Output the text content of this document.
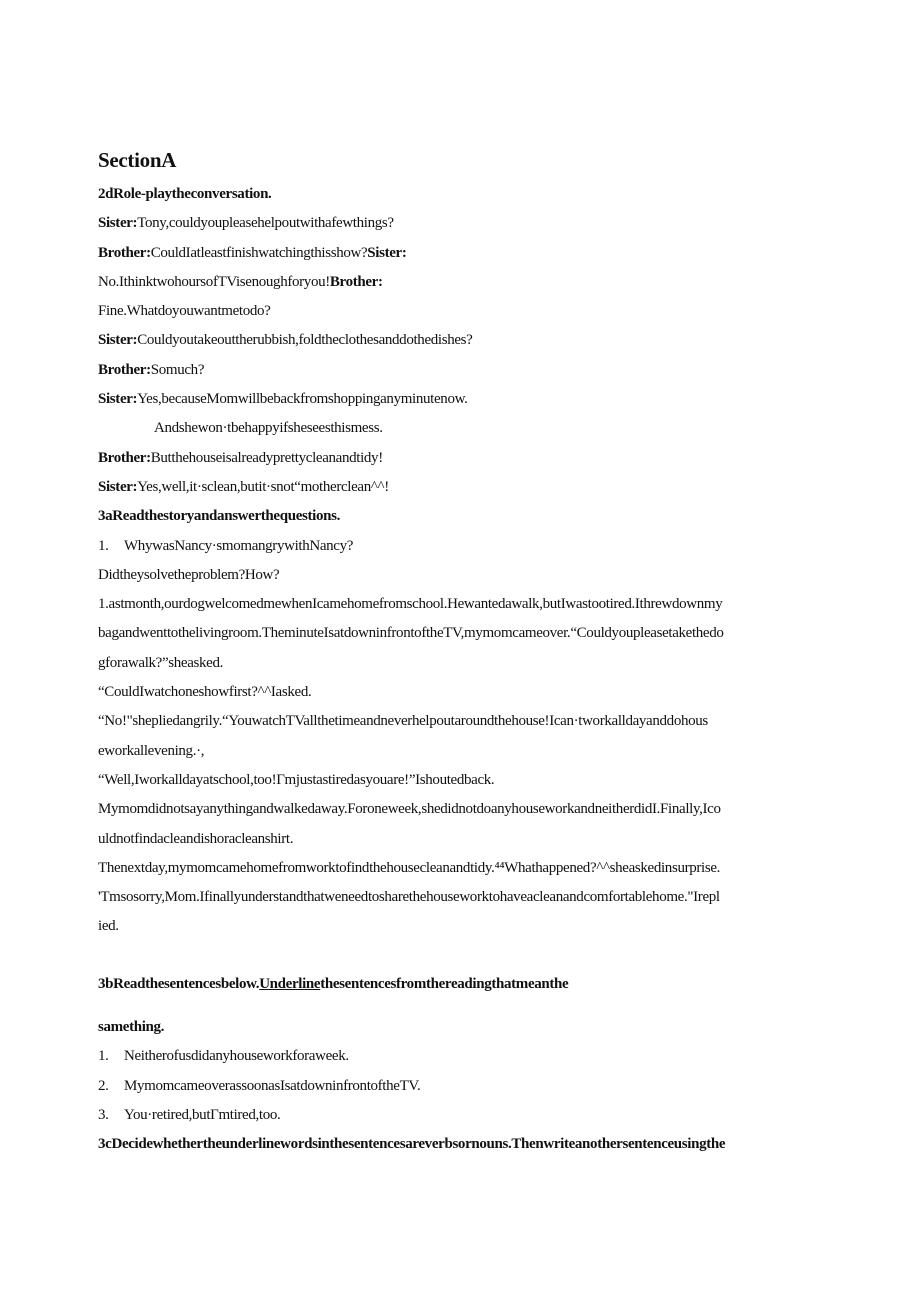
SectionA
2dRole-playtheconversation.
Sister:Tony,couldyoupleasehelpoutwithafewthings?
Brother:CouldIatleastfinishwatchingthisshow?Sister:
No.IthinktwohoursofTVisenoughforyou!Brother:
Fine.Whatdoyouwantmetodo?
Sister:Couldyoutakeouttherubbish,foldtheclothesanddothedishes?
Brother:Somuch?
Sister:Yes,becauseMomwillbebackfromshoppinganyminutenow.
Andshewon·tbehappyifsheseesthismess.
Brother:Butthehouseisalreadyprettycleanandtidy!
Sister:Yes,well,it·sclean,butit·snot“motherclean^^!
3aReadthestoryandanswerthequestions.
1. WhywasNancy·smomangrywithNancy?
Didtheysolvetheproblem?How?
1.astmonth,ourdogwelcomedmewhenIcamehomefromschool.Hewantedawalk,butIwastootired.Ithrewdownmy
bagandwenttothelivingroom.TheminuteIsatdowninfrontoftheTV,mymomcameover.“Couldyoupleasetakethedo
gforawalk?”sheasked.
“CouldIwatchoneshowfirst?^^Iasked.
“No!"shepliedangrily.“YouwatchTVallthetimeandneverhelpoutaroundthehouse!Ican·tworkalldayanddohous
eworkallevening.·,
“Well,Iworkalldayatschool,too!Γmjustastiredasyouare!”Ishoutedback.
Mymomdidnotsayanythingandwalkedaway.Foroneweek,shedidnotdoanyhouseworkandneitherdidI.Finally,Ico
uldnotfindacleandishoracleanshirt.
Thenextday,mymomcamehomefromworktofindthehousecleanandtidy.⁴⁴Whathappened?^^sheaskedinsurprise.
'Tmsosorry,Mom.Ifinallyunderstandthatweneedtosharethehouseworktohaveacleanandcomfortablehome."Irepl
ied.
3bReadthesentencesbelow.Underlinethesentencesfromthereadingthatmeanthe
samething.
1. Neitherofusdidanyhouseworkforaweek.
2. MymomcameoverassoonasIsatdowninfrontoftheTV.
3. You·retired,butΓmtired,too.
3cDecidewhethertheunderlinewordsinthesentencesareverbsornouns.Thenwriteanothersentenceusingthe
